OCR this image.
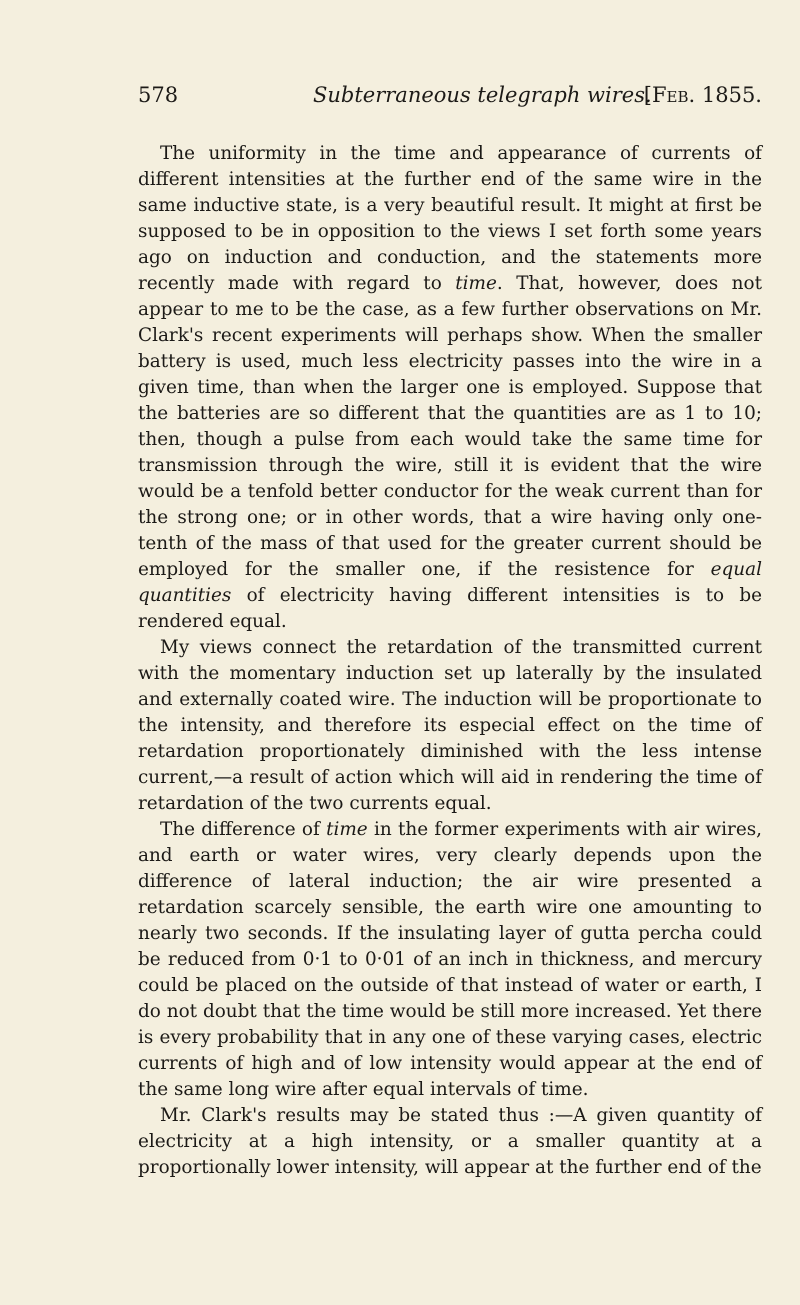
578	Subterraneous telegraph wires.
[Feb. 1855.

The uniformity in the time and appearance of currents of different intensities at the further end of the same wire in the same inductive state, is a very beautiful result. It might at first be supposed to be in opposition to the views I set forth some years ago on induction and conduction, and the statements more recently made with regard to time. That, however, does not appear to me to be the case, as a few further observations on Mr. Clark's recent experiments will perhaps show. When the smaller battery is used, much less electricity passes into the wire in a given time, than when the larger one is employed. Suppose that the batteries are so different that the quantities are as 1 to 10; then, though a pulse from each would take the same time for transmission through the wire, still it is evident that the wire would be a tenfold better conductor for the weak current than for the strong one; or in other words, that a wire having only one-tenth of the mass of that used for the greater current should be employed for the smaller one, if the resistence for equal quantities of electricity having different intensities is to be rendered equal.

My views connect the retardation of the transmitted current with the momentary induction set up laterally by the insulated and externally coated wire. The induction will be proportionate to the intensity, and therefore its especial effect on the time of retardation proportionately diminished with the less intense current,—a result of action which will aid in rendering the time of retardation of the two currents equal.

The difference of time in the former experiments with air wires, and earth or water wires, very clearly depends upon the difference of lateral induction; the air wire presented a retardation scarcely sensible, the earth wire one amounting to nearly two seconds. If the insulating layer of gutta percha could be reduced from 0·1 to 0·01 of an inch in thickness, and mercury could be placed on the outside of that instead of water or earth, I do not doubt that the time would be still more increased. Yet there is every probability that in any one of these varying cases, electric currents of high and of low intensity would appear at the end of the same long wire after equal intervals of time.

Mr. Clark's results may be stated thus :—A given quantity of electricity at a high intensity, or a smaller quantity at a proportionally lower intensity, will appear at the further end of the
